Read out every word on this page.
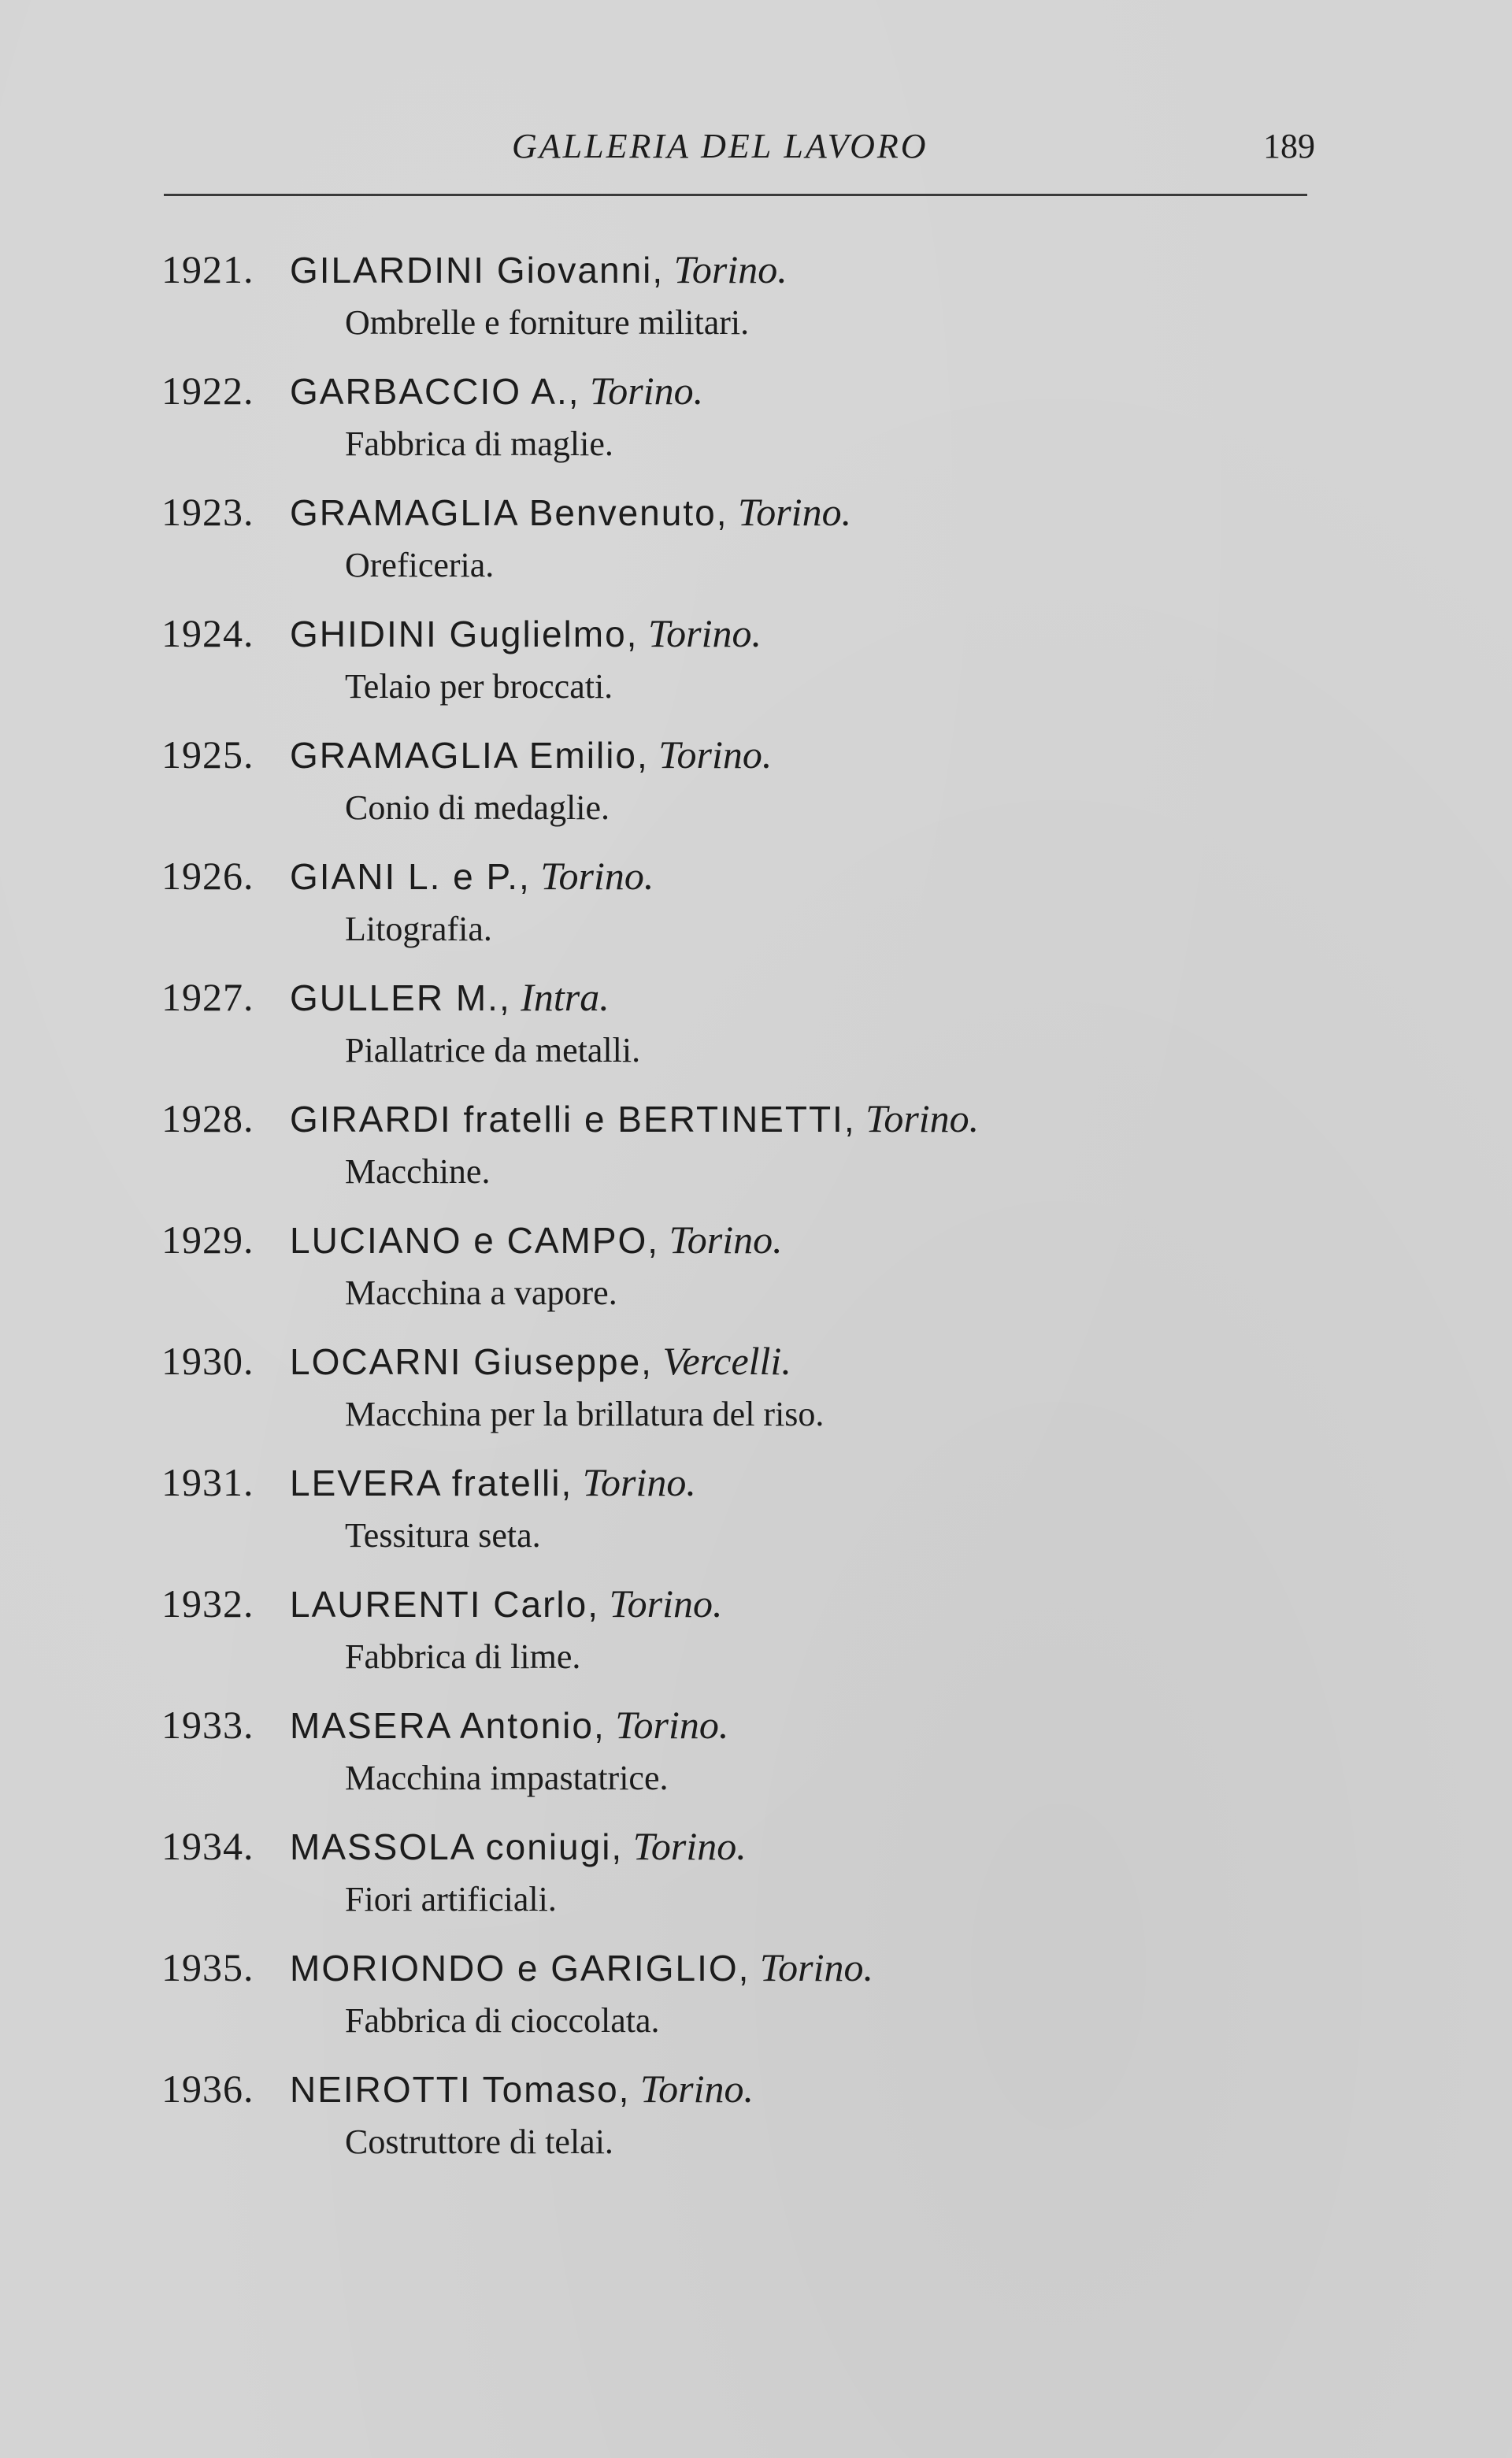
GALLERIA DEL LAVORO	189
1921. GILARDINI Giovanni, Torino.
Ombrelle e forniture militari.
1922. GARBACCIO A., Torino.
Fabbrica di maglie.
1923. GRAMAGLIA Benvenuto, Torino.
Oreficeria.
1924. GHIDINI Guglielmo, Torino.
Telaio per broccati.
1925. GRAMAGLIA Emilio, Torino.
Conio di medaglie.
1926. GIANI L. e P., Torino.
Litografia.
1927. GULLER M., Intra.
Piallatrice da metalli.
1928. GIRARDI fratelli e BERTINETTI, Torino.
Macchine.
1929. LUCIANO e CAMPO, Torino.
Macchina a vapore.
1930. LOCARNI Giuseppe, Vercelli.
Macchina per la brillatura del riso.
1931. LEVERA fratelli, Torino.
Tessitura seta.
1932. LAURENTI Carlo, Torino.
Fabbrica di lime.
1933. MASERA Antonio, Torino.
Macchina impastatrice.
1934. MASSOLA coniugi, Torino.
Fiori artificiali.
1935. MORIONDO e GARIGLIO, Torino.
Fabbrica di cioccolata.
1936. NEIROTTI Tomaso, Torino.
Costruttore di telai.
